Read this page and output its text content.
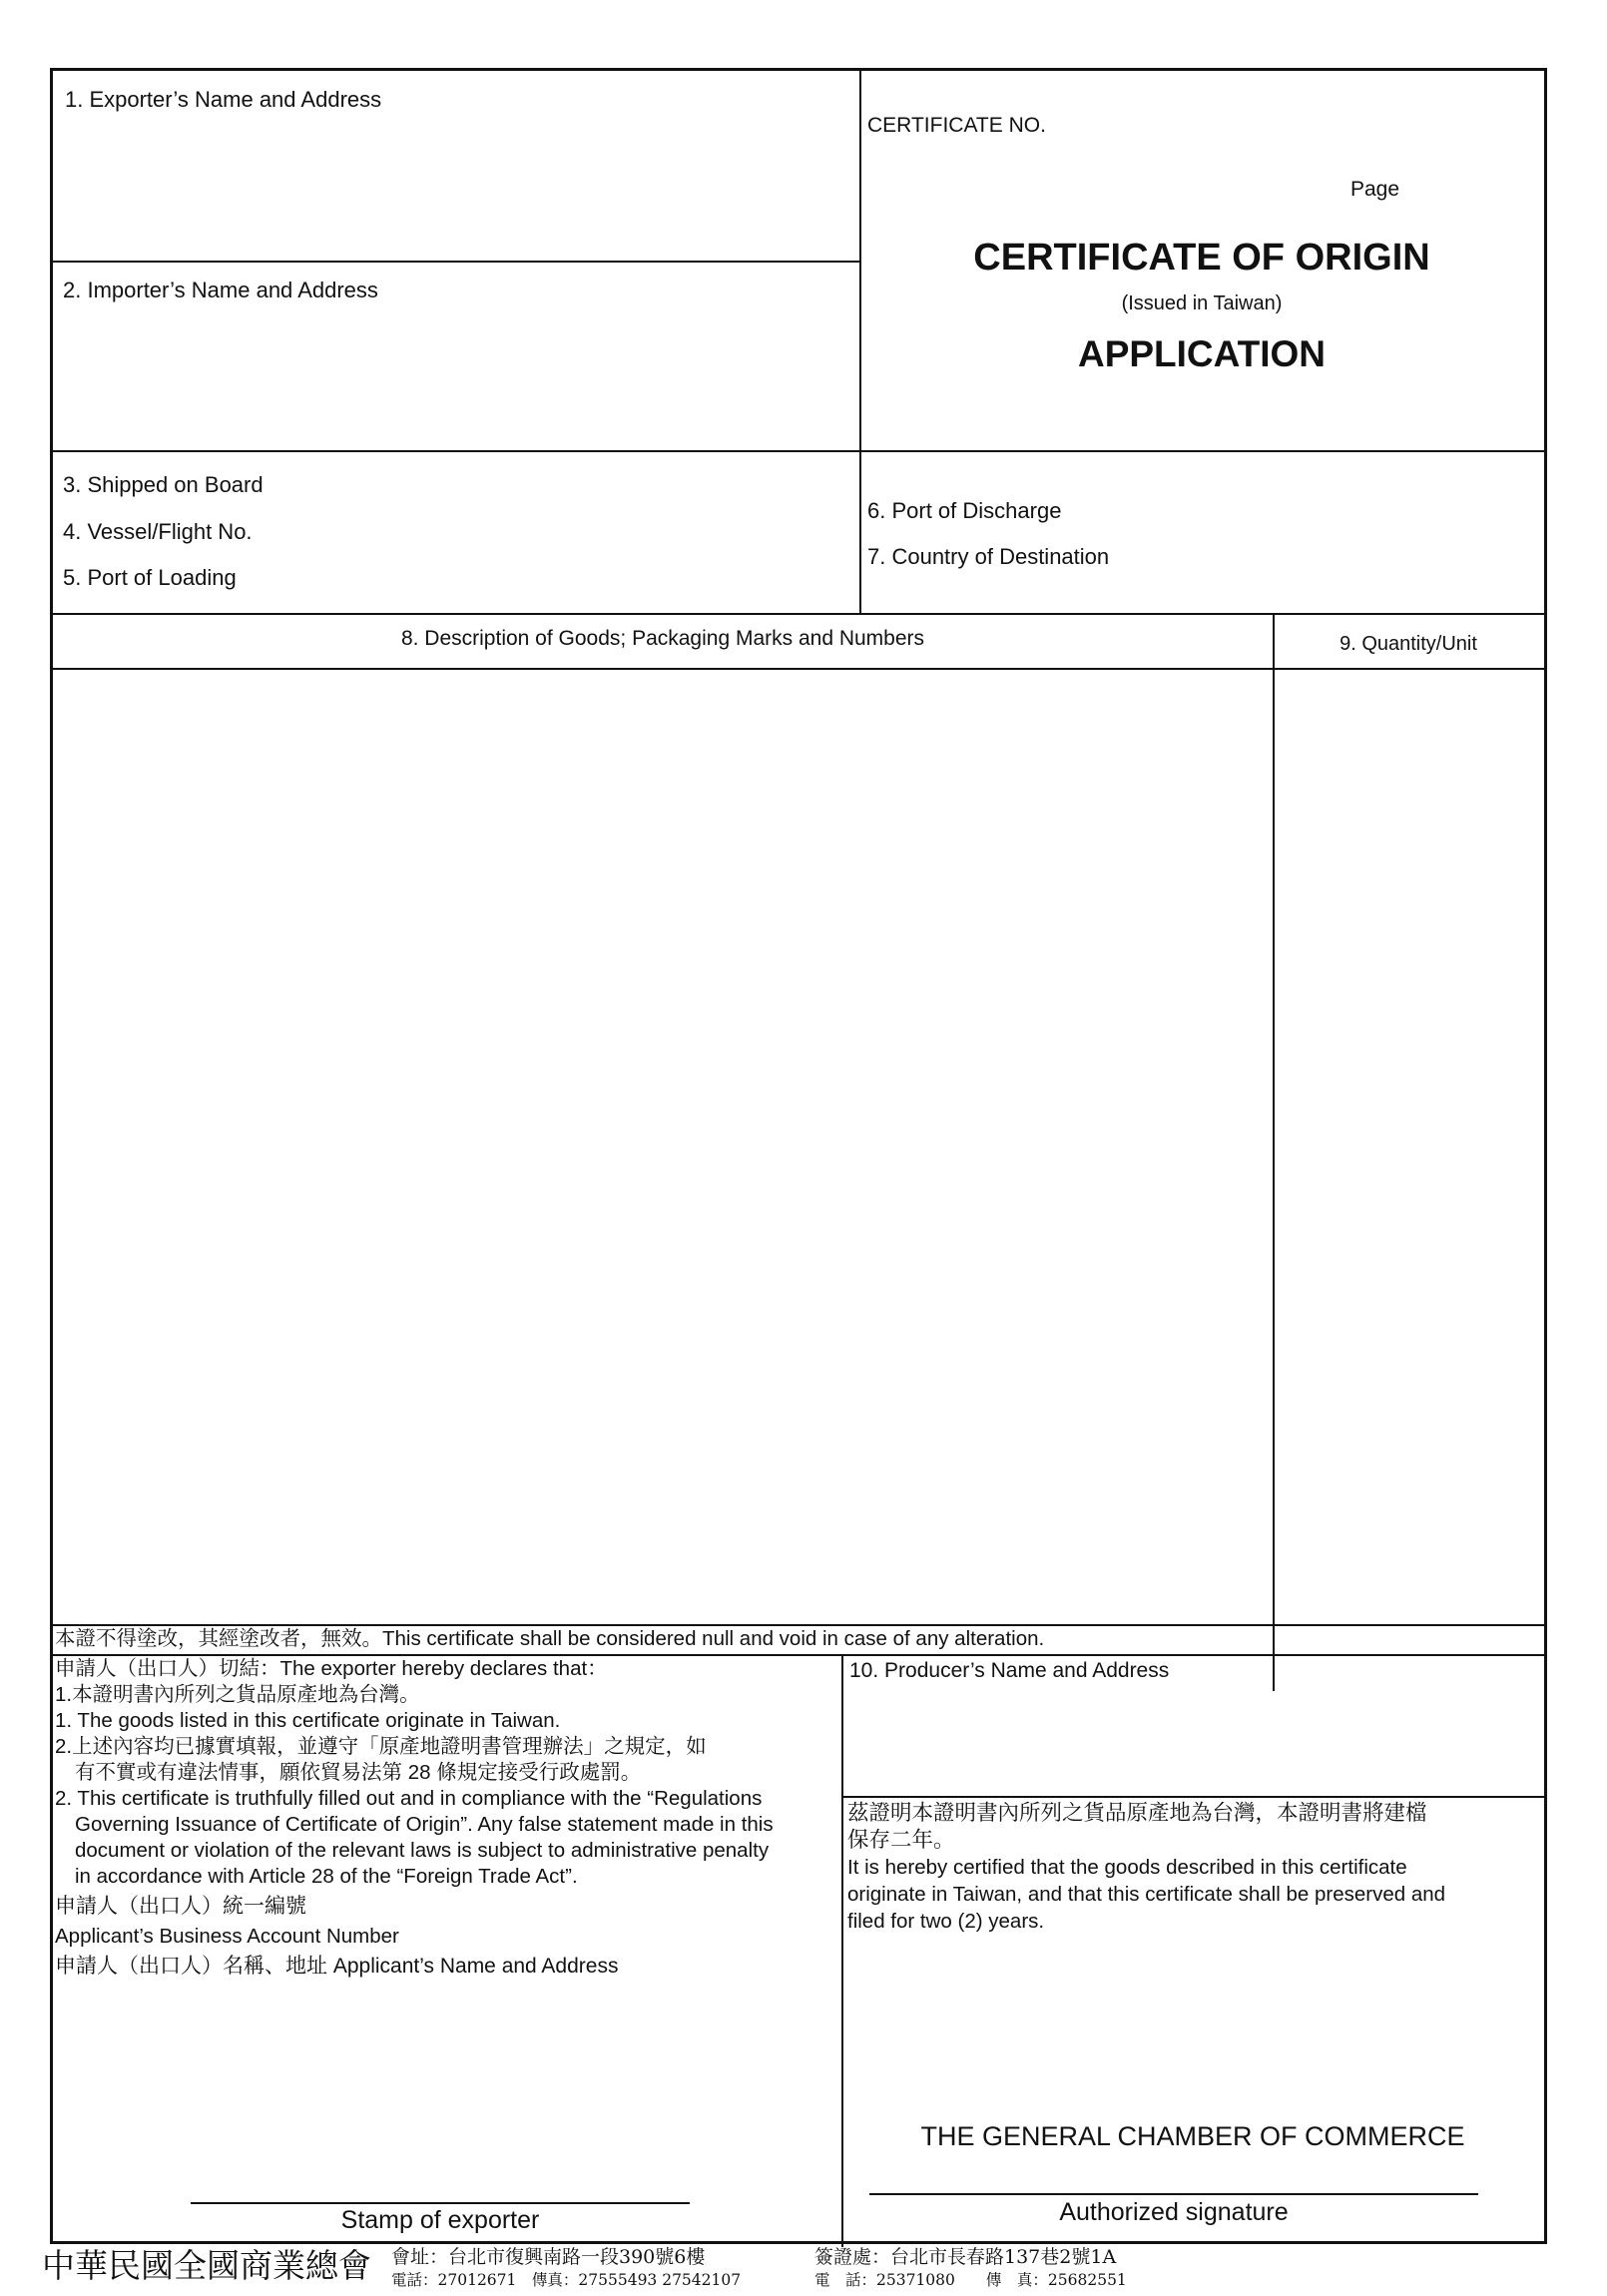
1. Exporter’s Name and Address
2. Importer’s Name and Address
CERTIFICATE NO.
Page
CERTIFICATE OF ORIGIN
(Issued in Taiwan)
APPLICATION
3. Shipped on Board
4. Vessel/Flight No.
5. Port of Loading
6. Port of Discharge
7. Country of Destination
8. Description of Goods; Packaging Marks and Numbers	9. Quantity/Unit
本證不得塗改，其經塗改者，無效。This certificate shall be considered null and void in case of any alteration.
申請人（出口人）切結：The exporter hereby declares that：
1.本證明書內所列之貨品原產地為台灣。
1. The goods listed in this certificate originate in Taiwan.
2.上述內容均已據實填報，並遵守「原產地證明書管理辦法」之規定，如
有不實或有違法情事，願依貿易法第 28 條規定接受行政處罰。
2. This certificate is truthfully filled out and in compliance with the “Regulations
Governing Issuance of Certificate of Origin”. Any false statement made in this
document or violation of the relevant laws is subject to administrative penalty
in accordance with Article 28 of the “Foreign Trade Act”.
申請人（出口人）統一編號
Applicant’s Business Account Number
申請人（出口人）名稱、地址 Applicant’s Name and Address
Stamp of exporter
10. Producer’s Name and Address
茲證明本證明書內所列之貨品原產地為台灣，本證明書將建檔
保存二年。
It is hereby certified that the goods described in this certificate
originate in Taiwan, and that this certificate shall be preserved and
filed for two (2) years.
THE GENERAL CHAMBER OF COMMERCE
Authorized signature
中華民國全國商業總會 會址：台北市復興南路一段390號6樓
電話：27012671　傳真：27555493 27542107
簽證處：台北市長春路137巷2號1A
電　話：25371080　　傳　真：25682551
